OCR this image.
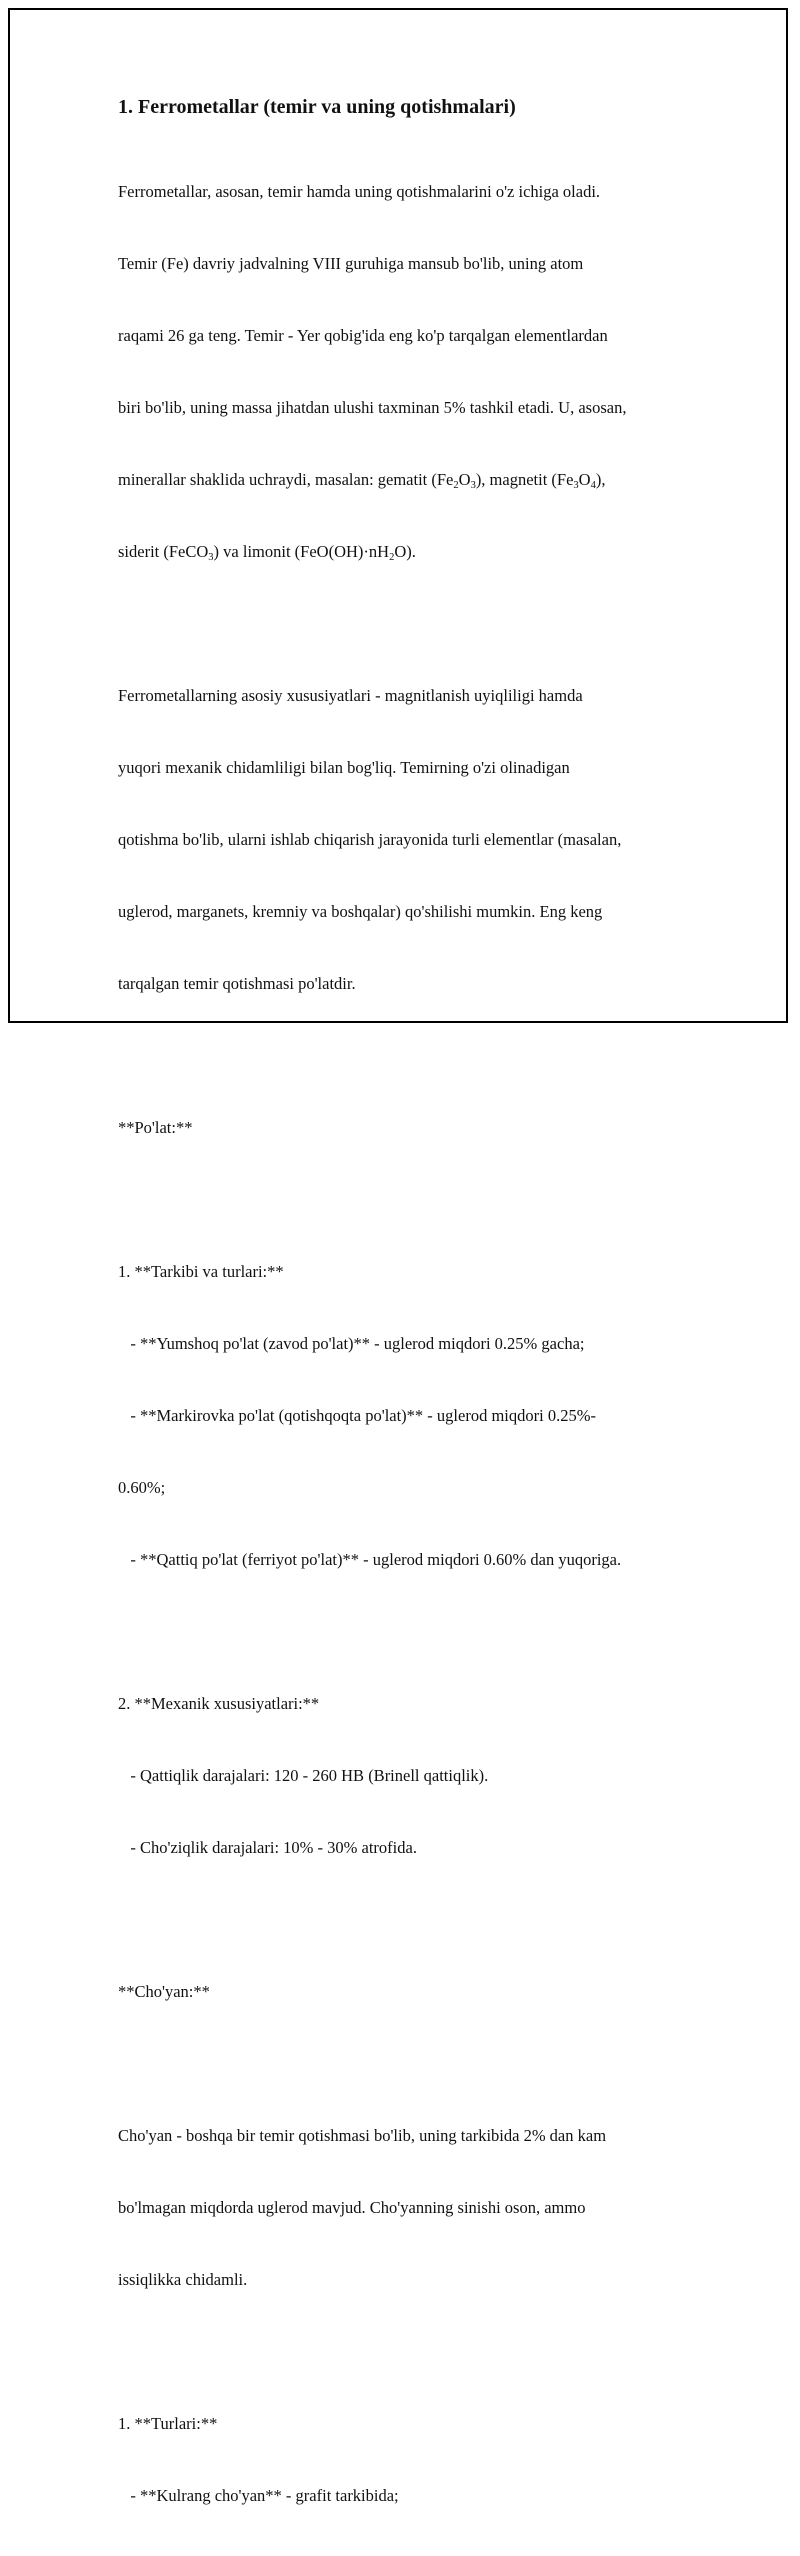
1. Ferrometallar (temir va uning qotishmalari)

Ferrometallar, asosan, temir hamda uning qotishmalarini o'z ichiga oladi.

Temir (Fe) davriy jadvalning VIII guruhiga mansub bo'lib, uning atom

raqami 26 ga teng. Temir - Yer qobig'ida eng ko'p tarqalgan elementlardan

biri bo'lib, uning massa jihatdan ulushi taxminan 5% tashkil etadi. U, asosan,

minerallar shaklida uchraydi, masalan: gematit $(Fe_2O_3)$, magnetit $(Fe_3O_4)$,

siderit (FeCO$_3$) va limonit $(FeO(OH)\cdot nH_2O)$.

Ferrometallarning asosiy xususiyatlari - magnitlanish uyiqliligi hamda

yuqori mexanik chidamliligi bilan bog'liq. Temirning o'zi olinadigan

qotishma bo'lib, ularni ishlab chiqarish jarayonida turli elementlar (masalan,

uglerod, marganets, kremniy va boshqalar) qo'shilishi mumkin. Eng keng

tarqalgan temir qotishmasi po'latdir.

**Po'lat:**

1. **Tarkibi va turlari:**

- **Yumshoq po'lat (zavod po'lat)** - uglerod miqdori 0.25% gacha;

- **Markirovka po'lat (qotishqoqta po'lat)** - uglerod miqdori 0.25%-

0.60%;

- **Qattiq po'lat (ferriyot po'lat)** - uglerod miqdori 0.60% dan yuqoriga.

2. **Mexanik xususiyatlari:**

- Qattiqlik darajalari: 120 - 260 HB (Brinell qattiqlik).

- Cho'ziqlik darajalari: 10% - 30% atrofida.

**Cho'yan:**

Cho'yan - boshqa bir temir qotishmasi bo'lib, uning tarkibida 2% dan kam

bo'lmagan miqdorda uglerod mavjud. Cho'yanning sinishi oson, ammo

issiqlikka chidamli.

1. **Turlari:**

- **Kulrang cho'yan** - grafit tarkibida;
